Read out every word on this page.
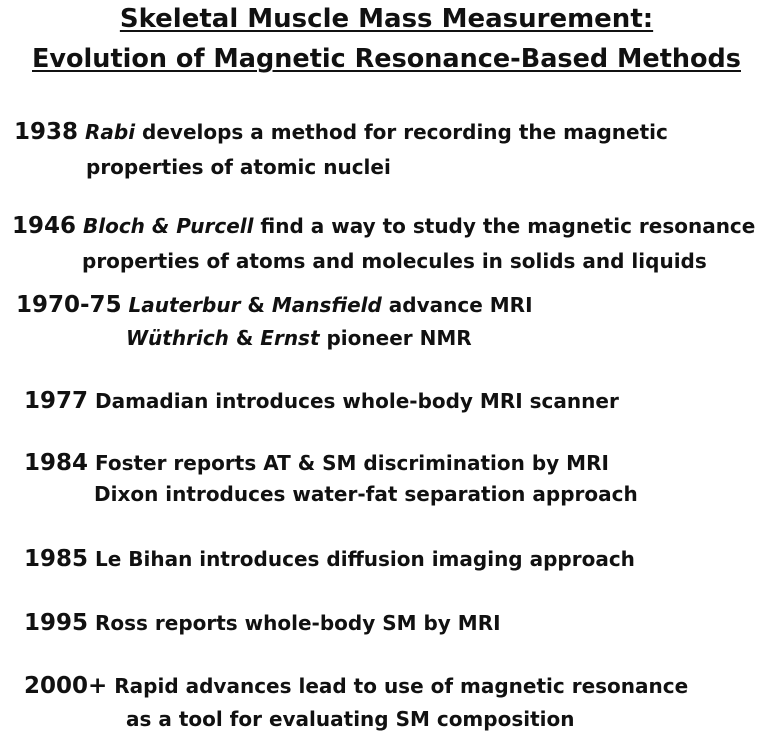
Skeletal Muscle Mass Measurement:
Evolution of Magnetic Resonance-Based Methods
1938 Rabi develops a method for recording the magnetic
properties of atomic nuclei
1946 Bloch & Purcell find a way to study the magnetic resonance
properties of atoms and molecules in solids and liquids
1970-75 Lauterbur & Mansfield advance MRI
Wüthrich & Ernst pioneer NMR
1977 Damadian introduces whole-body MRI scanner
1984 Foster reports AT & SM discrimination by MRI
Dixon introduces water-fat separation approach
1985 Le Bihan introduces diffusion imaging approach
1995 Ross reports whole-body SM by MRI
2000+ Rapid advances lead to use of magnetic resonance
as a tool for evaluating SM composition
